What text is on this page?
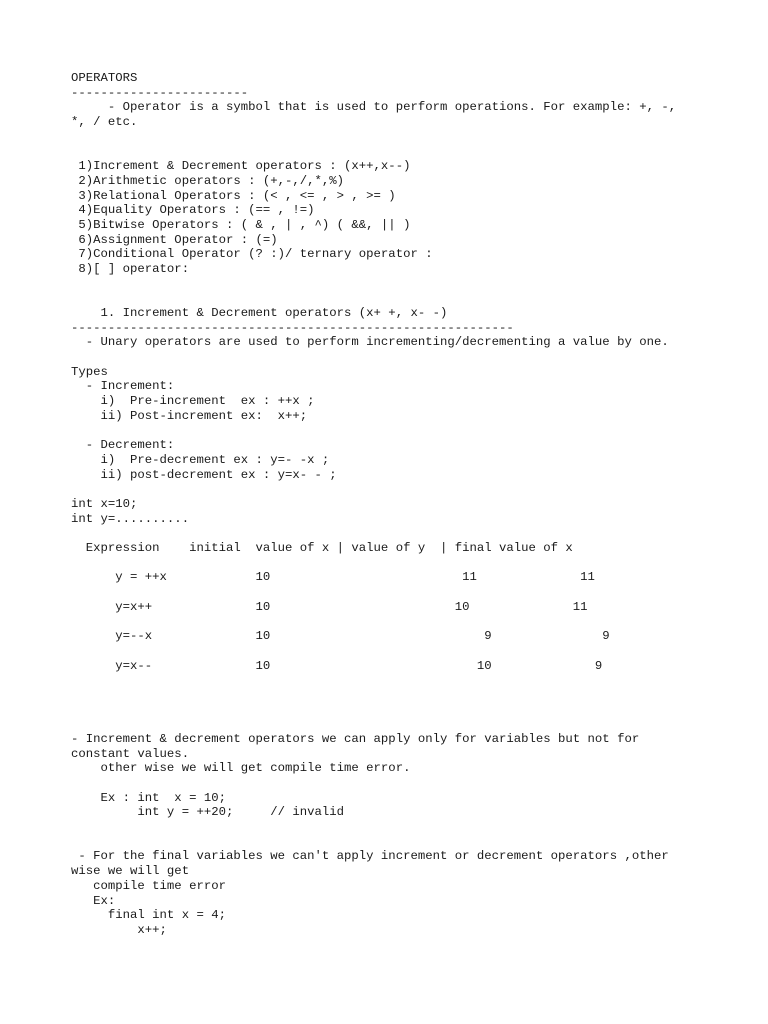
OPERATORS
------------------------
- Operator is a symbol that is used to perform operations. For example: +, -,
*, / etc.
1)Increment & Decrement operators : (x++,x--)
2)Arithmetic operators : (+,-,/,*,%)
3)Relational Operators : (< , <= , > , >= )
4)Equality Operators : (== , !=)
5)Bitwise Operators : ( & , | , ^) ( &&, || )
6)Assignment Operator : (=)
7)Conditional Operator (? :)/ ternary operator :
8)[ ] operator:
1. Increment & Decrement operators (x+ +, x- -)
------------------------------------------------------------
- Unary operators are used to perform incrementing/decrementing a value by one.
Types
- Increment:
i)  Pre-increment  ex : ++x ;
ii) Post-increment ex:  x++;
- Decrement:
i)  Pre-decrement ex : y=- -x ;
ii) post-decrement ex : y=x- - ;
int x=10;
int y=..........
Expression    initial  value of x | value of y  | final value of x
y = ++x            10                          11              11
y=x++              10                         10              11
y=--x              10                             9               9
y=x--              10                            10              9
- Increment & decrement operators we can apply only for variables but not for
constant values.
other wise we will get compile time error.
Ex : int  x = 10;
int y = ++20;     // invalid
- For the final variables we can't apply increment or decrement operators ,other
wise we will get
compile time error
Ex:
final int x = 4;
x++;
